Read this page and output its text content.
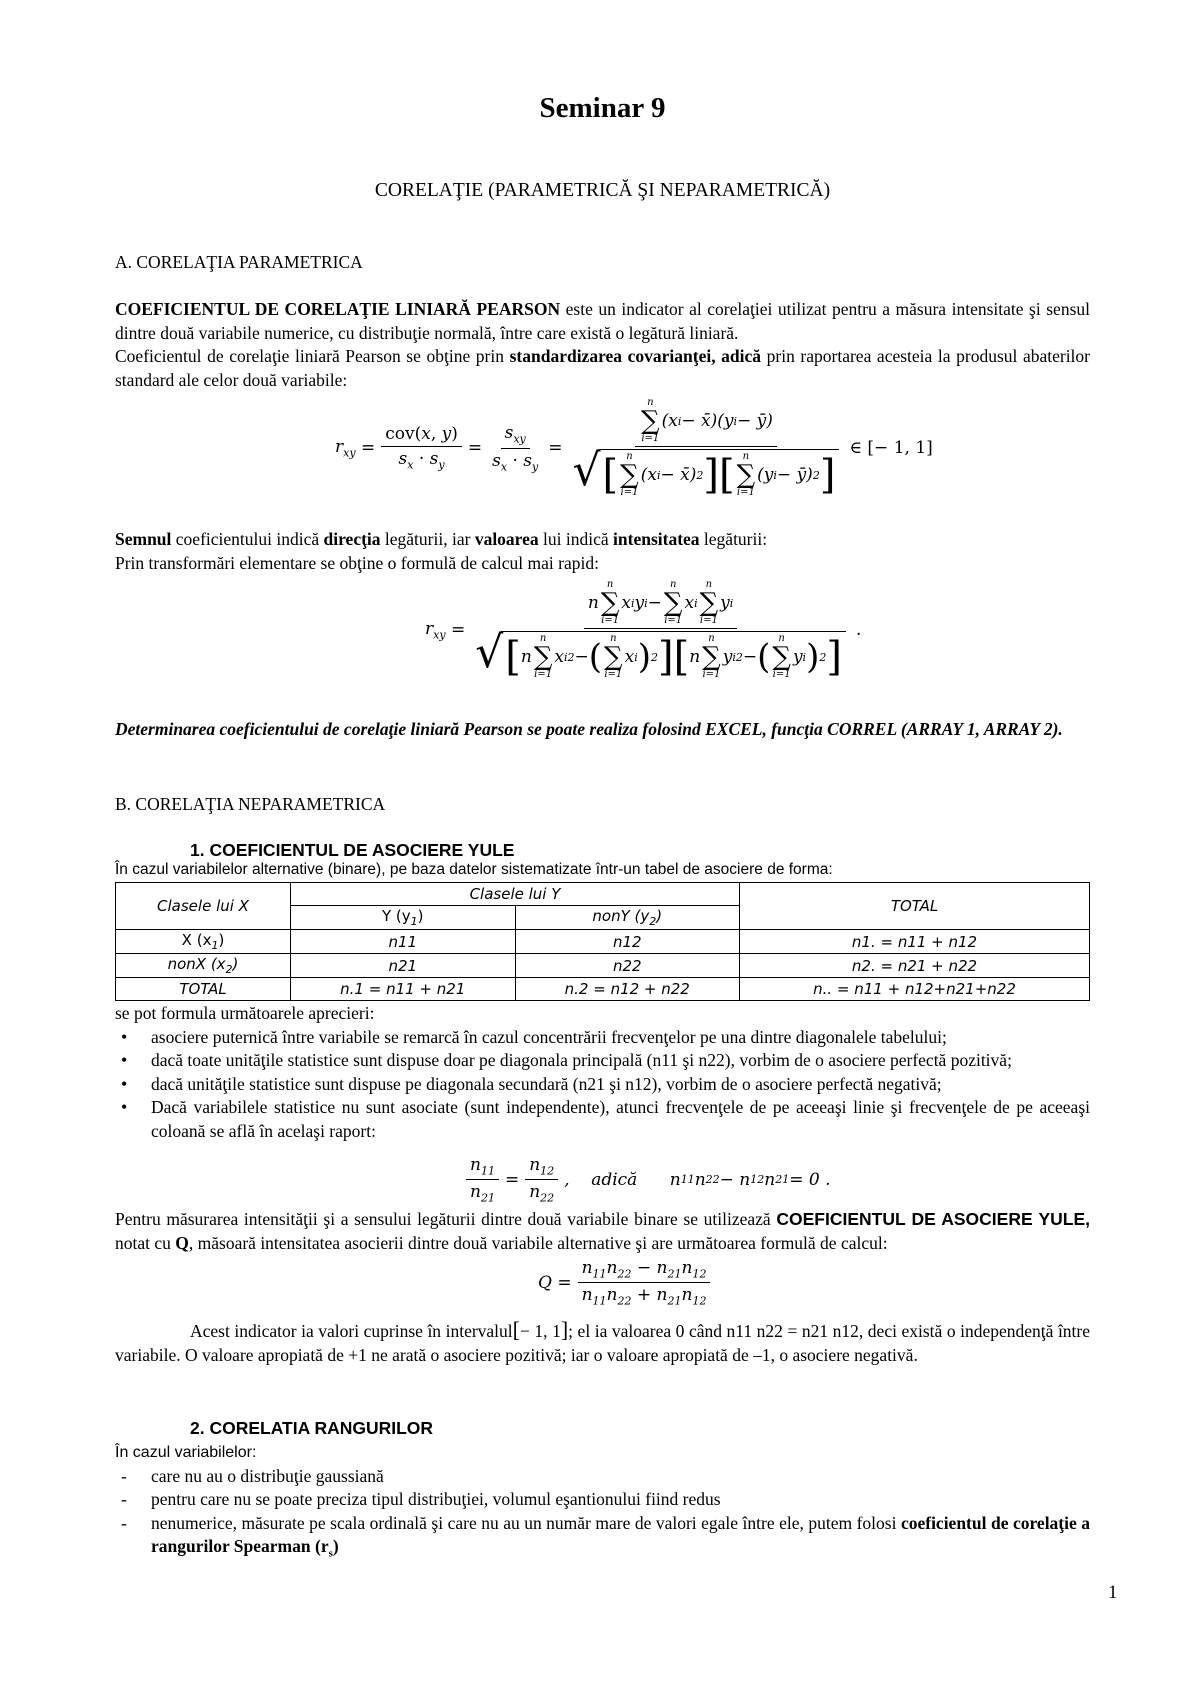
Seminar 9
CORELAŢIE (PARAMETRICĂ ŞI NEPARAMETRICĂ)
A. CORELAŢIA PARAMETRICA

COEFICIENTUL DE CORELAŢIE LINIARĂ PEARSON este un indicator al corelaţiei utilizat pentru a măsura intensitate şi sensul dintre două variabile numerice, cu distribuţie normală, între care există o legătură liniară.
Coeficientul de corelaţie liniară Pearson se obţine prin standardizarea covarianţei, adică prin raportarea acesteia la produsul abaterilor standard ale celor două variabile:

$r_{xy} = \frac{\text{cov(x, y)}}{s_x \cdot s_y} = \frac{s_{xy}}{s_x \cdot s_y}$ =
n
∑
i=1
(x i − x̄)(y i − ȳ)
√ [ n
∑
i=1
(x i − x̄) 2 ][ n
∑
i=1
(y i − ȳ) 2 ]
∈ [− 1, 1]

Semnul coeficientului indică direcţia legăturii, iar valoarea lui indică intensitatea legăturii:
Prin transformări elementare se obţine o formulă de calcul mai rapid:

$r_{xy}$ =
n
n
∑
i=1
x i y i −
n
∑
i=1
x i
n
∑
i=1
y i
√ [ n
n
∑
i=1
x i 2 − ( n
∑
i=1
x i ) 2 ][ n
n
∑
i=1
y i 2 − ( n
∑
i=1
y i ) 2 ]
.

Determinarea coeficientului de corelaţie liniară Pearson se poate realiza folosind EXCEL, funcţia CORREL (ARRAY 1, ARRAY 2).

B. CORELAŢIA NEPARAMETRICA
1. COEFICIENTUL DE ASOCIERE YULE
În cazul variabilelor alternative (binare), pe baza datelor sistematizate într-un tabel de asociere de forma:
Clasele lui X	Clasele lui Y		TOTAL
	Y $(y_1)$	nonY $(y_2)$	
X $(x_1)$	n11	n12	n1. = n11 + n12
nonX $(x_2)$	n21	n22	n2. = n21 + n22
TOTAL	n.1 = n11 + n21	n.2 = n12 + n22	n.. = n11 + n12+n21+n22

se pot formula următoarele aprecieri:

• asociere puternică între variabile se remarcă în cazul concentrării frecvenţelor pe una dintre diagonalele tabelului;
• dacă toate unităţile statistice sunt dispuse doar pe diagonala principală (n11 şi n22), vorbim de o asociere perfectă pozitivă;
• dacă unităţile statistice sunt dispuse pe diagonala secundară (n21 şi n12), vorbim de o asociere perfectă negativă;
• Dacă variabilele statistice nu sunt asociate (sunt independente), atunci frecvenţele de pe aceeaşi linie şi frecvenţele de pe aceeaşi coloană se află în acelaşi raport:
$\frac{n_{11}}{n_{21}} = \frac{n_{12}}{n_{22}}$ , adică n 11 n 22 − n 12 n 21 = 0 .

Pentru măsurarea intensităţii şi a sensului legăturii dintre două variabile binare se utilizează COEFICIENTUL DE ASOCIERE YULE, notat cu Q, măsoară intensitatea asocierii dintre două variabile alternative şi are următoarea formulă de calcul:

$Q = \frac{n_{11}n_{22} - n_{21}n_{12}}{n_{11}n_{22} + n_{21}n_{12}}$

Acest indicator ia valori cuprinse în intervalul[− 1, 1]; el ia valoarea 0 când n11 n22 = n21 n12, deci există o independenţă între variabile. O valoare apropiată de +1 ne arată o asociere pozitivă; iar o valoare apropiată de –1, o asociere negativă.

2. CORELATIA RANGURILOR

În cazul variabilelor:

- care nu au o distribuţie gaussiană
- pentru care nu se poate preciza tipul distribuţiei, volumul eşantionului fiind redus
- nenumerice, măsurate pe scala ordinală şi care nu au un număr mare de valori egale între ele, putem folosi coeficientul de corelaţie a rangurilor Spearman $(r_s)$
1
